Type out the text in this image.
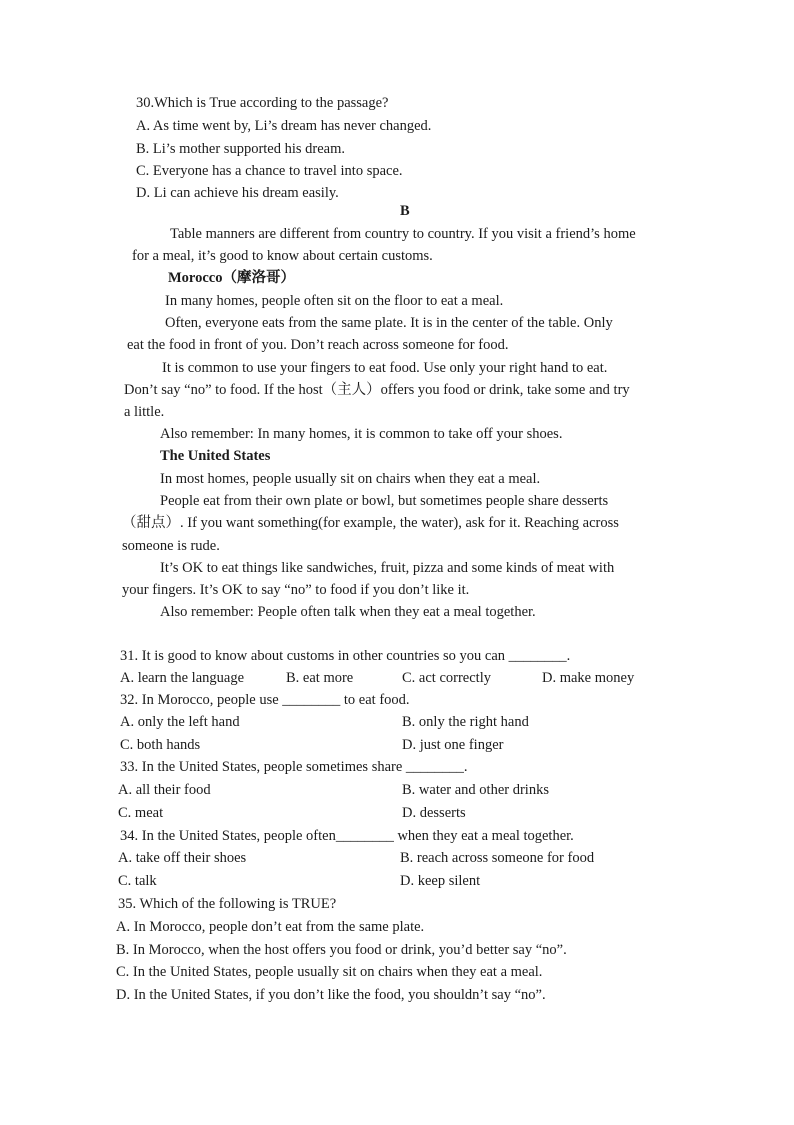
30.Which is True according to the passage?
A. As time went by, Li’s dream has never changed.
B. Li’s mother supported his dream.
C. Everyone has a chance to travel into space.
D. Li can achieve his dream easily.
B
Table manners are different from country to country. If you visit a friend’s home
for a meal, it’s good to know about certain customs.
Morocco（摩洛哥）
In many homes, people often sit on the floor to eat a meal.
Often, everyone eats from the same plate. It is in the center of the table. Only
eat the food in front of you. Don’t reach across someone for food.
It is common to use your fingers to eat food. Use only your right hand to eat.
Don’t say “no” to food. If the host（主人）offers you food or drink, take some and try
a little.
Also remember: In many homes, it is common to take off your shoes.
The United States
In most homes, people usually sit on chairs when they eat a meal.
People eat from their own plate or bowl, but sometimes people share desserts
（甜点）. If you want something(for example, the water), ask for it. Reaching across
someone is rude.
It’s OK to eat things like sandwiches, fruit, pizza and some kinds of meat with
your fingers. It’s OK to say “no” to food if you don’t like it.
Also remember: People often talk when they eat a meal together.
31. It is good to know about customs in other countries so you can ________.
A. learn the language	B. eat more	C. act correctly	D. make money
32. In Morocco, people use ________ to eat food.
A. only the left hand	B. only the right hand
C. both hands	D. just one finger
33. In the United States, people sometimes share ________.
A. all their food	B. water and other drinks
C. meat	D. desserts
34. In the United States, people often________ when they eat a meal together.
A. take off their shoes	B. reach across someone for food
C. talk	D. keep silent
35. Which of the following is TRUE?
A. In Morocco, people don’t eat from the same plate.
B. In Morocco, when the host offers you food or drink, you’d better say “no”.
C. In the United States, people usually sit on chairs when they eat a meal.
D. In the United States, if you don’t like the food, you shouldn’t say “no”.
